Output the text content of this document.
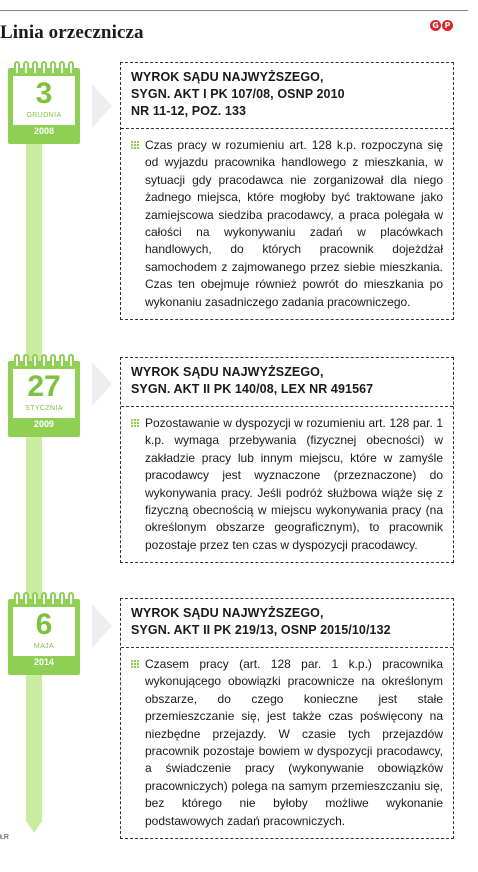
Linia orzecznicza	G P
3
GRUDNIA
2008
WYROK SĄDU NAJWYŻSZEGO,
SYGN. AKT I PK 107/08, OSNP 2010
NR 11-12, POZ. 133
Czas pracy w rozumieniu art. 128 k.p. rozpoczyna się od wyjazdu pracownika handlowego z mieszkania, w sytuacji gdy pracodawca nie zorganizował dla niego żadnego miejsca, które mogłoby być traktowane jako zamiejscowa siedziba pracodawcy, a praca polegała w całości na wykonywaniu zadań w placówkach handlowych, do których pracownik dojeżdżał samochodem z zajmowanego przez siebie mieszkania. Czas ten obejmuje również powrót do mieszkania po wykonaniu zasadniczego zadania pracowniczego.
27
STYCZNIA
2009
WYROK SĄDU NAJWYŻSZEGO,
SYGN. AKT II PK 140/08, LEX NR 491567
Pozostawanie w dyspozycji w rozumieniu art. 128 par. 1 k.p. wymaga przebywania (fizycznej obecności) w zakładzie pracy lub innym miejscu, które w zamyśle pracodawcy jest wyznaczone (przeznaczone) do wykonywania pracy. Jeśli podróż służbowa wiąże się z fizyczną obecnością w miejscu wykonywania pracy (na określonym obszarze geograficznym), to pracownik pozostaje przez ten czas w dyspozycji pracodawcy.
6
MAJA
2014
WYROK SĄDU NAJWYŻSZEGO,
SYGN. AKT II PK 219/13, OSNP 2015/10/132
Czasem pracy (art. 128 par. 1 k.p.) pracownika wykonującego obowiązki pracownicze na określonym obszarze, do czego konieczne jest stałe przemieszczanie się, jest także czas poświęcony na niezbędne przejazdy. W czasie tych przejazdów pracownik pozostaje bowiem w dyspozycji pracodawcy, a świadczenie pracy (wykonywanie obowiązków pracowniczych) polega na samym przemieszczaniu się, bez którego nie byłoby możliwe wykonanie podstawowych zadań pracowniczych.
ŁR
